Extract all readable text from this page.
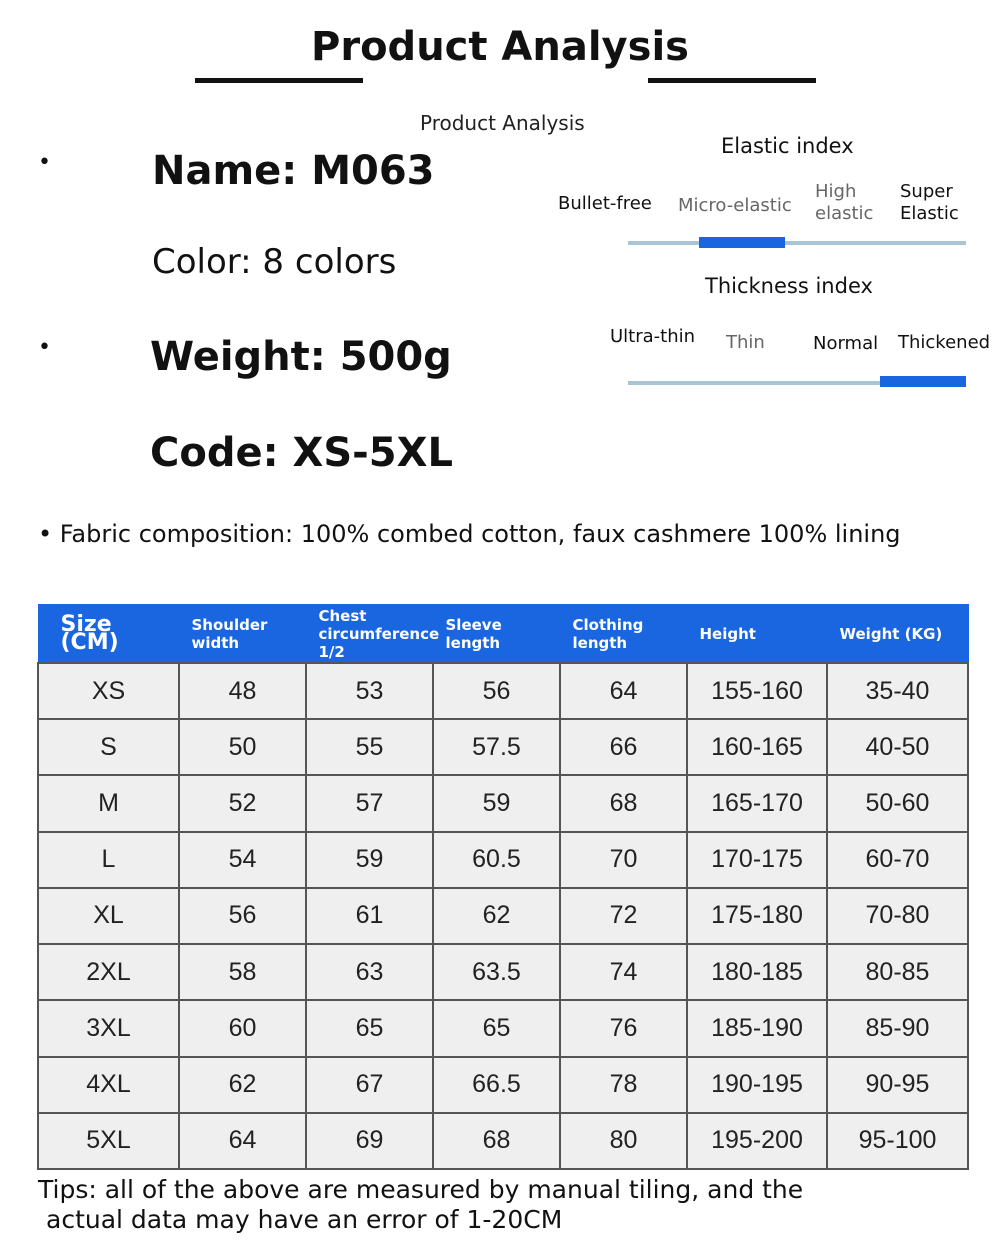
Product Analysis
Product Analysis
•	Name: M063
Color: 8 colors
• Weight: 500g
Code: XS-5XL
Elastic index
Bullet-free Micro-elastic
High elastic
Super Elastic
Thickness index
Ultra-thin Thin	Normal Thickened
• Fabric composition: 100% combed cotton, faux cashmere 100% lining
Size (CM)	Shoulder width	Chest circumference 1/2	Sleeve length	Clothing length	Height	Weight (KG)
XS	48	53	56	64	155-160	35-40
S	50	55	57.5	66	160-165	40-50
M	52	57	59	68	165-170	50-60
L	54	59	60.5	70	170-175	60-70
XL	56	61	62	72	175-180	70-80
2XL	58	63	63.5	74	180-185	80-85
3XL	60	65	65	76	185-190	85-90
4XL	62	67	66.5	78	190-195	90-95
5XL	64	69	68	80	195-200	95-100
Tips: all of the above are measured by manual tiling, and the
actual data may have an error of 1-20CM
